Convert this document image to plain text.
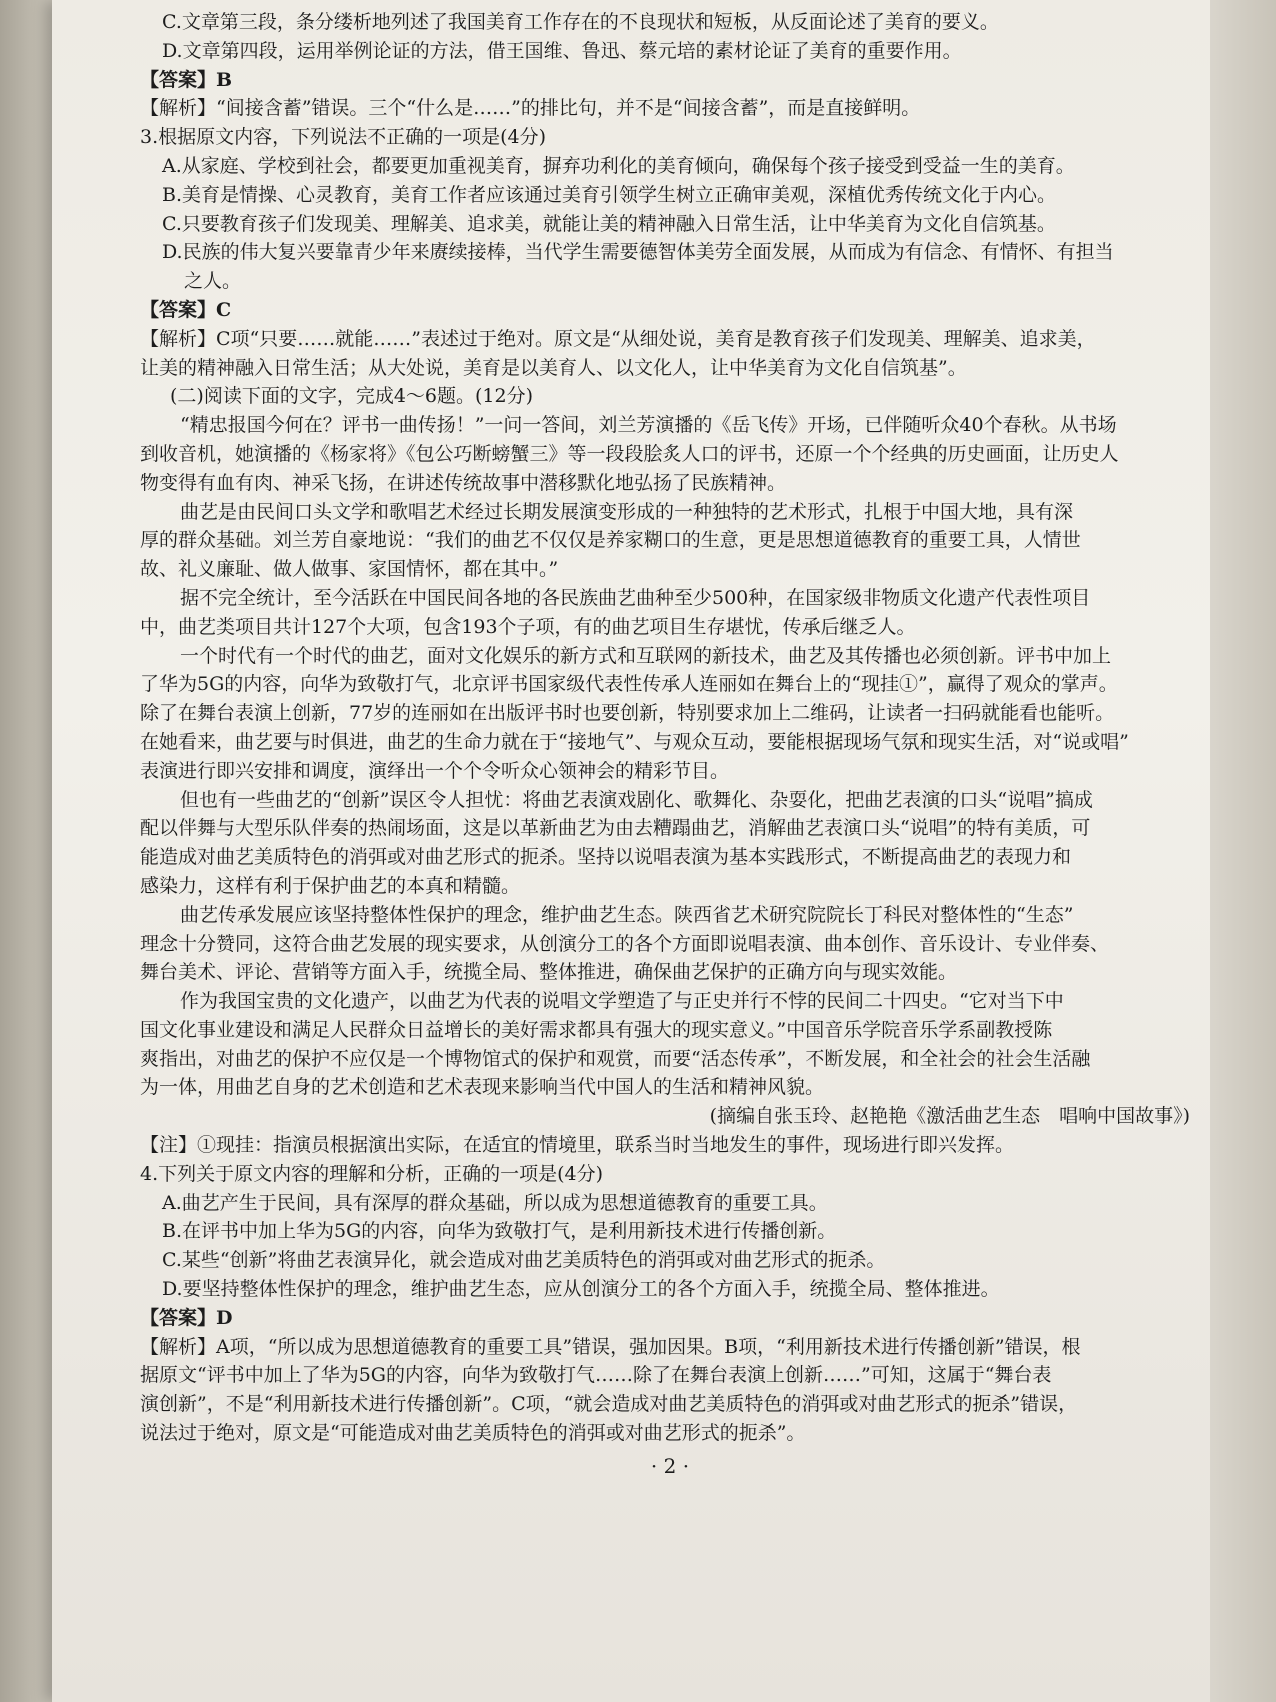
C.文章第三段，条分缕析地列述了我国美育工作存在的不良现状和短板，从反面论述了美育的要义。
D.文章第四段，运用举例论证的方法，借王国维、鲁迅、蔡元培的素材论证了美育的重要作用。
【答案】B
【解析】“间接含蓄”错误。三个“什么是……”的排比句，并不是“间接含蓄”，而是直接鲜明。
3.根据原文内容，下列说法不正确的一项是(4分)
A.从家庭、学校到社会，都要更加重视美育，摒弃功利化的美育倾向，确保每个孩子接受到受益一生的美育。
B.美育是情操、心灵教育，美育工作者应该通过美育引领学生树立正确审美观，深植优秀传统文化于内心。
C.只要教育孩子们发现美、理解美、追求美，就能让美的精神融入日常生活，让中华美育为文化自信筑基。
D.民族的伟大复兴要靠青少年来赓续接棒，当代学生需要德智体美劳全面发展，从而成为有信念、有情怀、有担当
之人。
【答案】C
【解析】C项“只要……就能……”表述过于绝对。原文是“从细处说，美育是教育孩子们发现美、理解美、追求美，
让美的精神融入日常生活；从大处说，美育是以美育人、以文化人，让中华美育为文化自信筑基”。
(二)阅读下面的文字，完成4～6题。(12分)
“精忠报国今何在？评书一曲传扬！”一问一答间，刘兰芳演播的《岳飞传》开场，已伴随听众40个春秋。从书场
到收音机，她演播的《杨家将》《包公巧断螃蟹三》等一段段脍炙人口的评书，还原一个个经典的历史画面，让历史人
物变得有血有肉、神采飞扬，在讲述传统故事中潜移默化地弘扬了民族精神。
曲艺是由民间口头文学和歌唱艺术经过长期发展演变形成的一种独特的艺术形式，扎根于中国大地，具有深
厚的群众基础。刘兰芳自豪地说：“我们的曲艺不仅仅是养家糊口的生意，更是思想道德教育的重要工具，人情世
故、礼义廉耻、做人做事、家国情怀，都在其中。”
据不完全统计，至今活跃在中国民间各地的各民族曲艺曲种至少500种，在国家级非物质文化遗产代表性项目
中，曲艺类项目共计127个大项，包含193个子项，有的曲艺项目生存堪忧，传承后继乏人。
一个时代有一个时代的曲艺，面对文化娱乐的新方式和互联网的新技术，曲艺及其传播也必须创新。评书中加上
了华为5G的内容，向华为致敬打气，北京评书国家级代表性传承人连丽如在舞台上的“现挂①”，赢得了观众的掌声。
除了在舞台表演上创新，77岁的连丽如在出版评书时也要创新，特别要求加上二维码，让读者一扫码就能看也能听。
在她看来，曲艺要与时俱进，曲艺的生命力就在于“接地气”、与观众互动，要能根据现场气氛和现实生活，对“说或唱”
表演进行即兴安排和调度，演绎出一个个令听众心领神会的精彩节目。
但也有一些曲艺的“创新”误区令人担忧：将曲艺表演戏剧化、歌舞化、杂耍化，把曲艺表演的口头“说唱”搞成
配以伴舞与大型乐队伴奏的热闹场面，这是以革新曲艺为由去糟蹋曲艺，消解曲艺表演口头“说唱”的特有美质，可
能造成对曲艺美质特色的消弭或对曲艺形式的扼杀。坚持以说唱表演为基本实践形式，不断提高曲艺的表现力和
感染力，这样有利于保护曲艺的本真和精髓。
曲艺传承发展应该坚持整体性保护的理念，维护曲艺生态。陕西省艺术研究院院长丁科民对整体性的“生态”
理念十分赞同，这符合曲艺发展的现实要求，从创演分工的各个方面即说唱表演、曲本创作、音乐设计、专业伴奏、
舞台美术、评论、营销等方面入手，统揽全局、整体推进，确保曲艺保护的正确方向与现实效能。
作为我国宝贵的文化遗产，以曲艺为代表的说唱文学塑造了与正史并行不悖的民间二十四史。“它对当下中
国文化事业建设和满足人民群众日益增长的美好需求都具有强大的现实意义。”中国音乐学院音乐学系副教授陈
爽指出，对曲艺的保护不应仅是一个博物馆式的保护和观赏，而要“活态传承”，不断发展，和全社会的社会生活融
为一体，用曲艺自身的艺术创造和艺术表现来影响当代中国人的生活和精神风貌。
(摘编自张玉玲、赵艳艳《激活曲艺生态　唱响中国故事》)
【注】①现挂：指演员根据演出实际，在适宜的情境里，联系当时当地发生的事件，现场进行即兴发挥。
4.下列关于原文内容的理解和分析，正确的一项是(4分)
A.曲艺产生于民间，具有深厚的群众基础，所以成为思想道德教育的重要工具。
B.在评书中加上华为5G的内容，向华为致敬打气，是利用新技术进行传播创新。
C.某些“创新”将曲艺表演异化，就会造成对曲艺美质特色的消弭或对曲艺形式的扼杀。
D.要坚持整体性保护的理念，维护曲艺生态，应从创演分工的各个方面入手，统揽全局、整体推进。
【答案】D
【解析】A项，“所以成为思想道德教育的重要工具”错误，强加因果。B项，“利用新技术进行传播创新”错误，根
据原文“评书中加上了华为5G的内容，向华为致敬打气……除了在舞台表演上创新……”可知，这属于“舞台表
演创新”，不是“利用新技术进行传播创新”。C项，“就会造成对曲艺美质特色的消弭或对曲艺形式的扼杀”错误，
说法过于绝对，原文是“可能造成对曲艺美质特色的消弭或对曲艺形式的扼杀”。
· 2 ·
